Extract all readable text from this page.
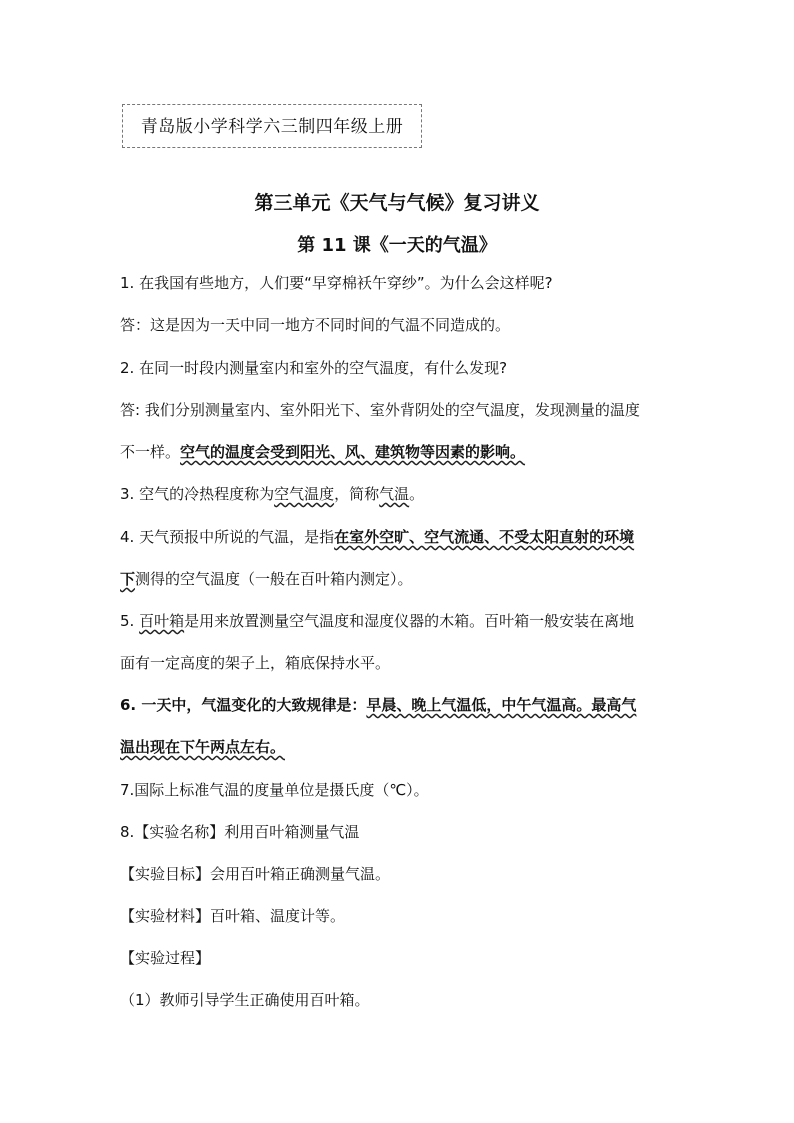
青岛版小学科学六三制四年级上册
第三单元《天气与气候》复习讲义
第 11 课《一天的气温》
1. 在我国有些地方，人们要“早穿棉袄午穿纱”。为什么会这样呢?
答：这是因为一天中同一地方不同时间的气温不同造成的。
2. 在同一时段内测量室内和室外的空气温度，有什么发现?
答: 我们分别测量室内、室外阳光下、室外背阴处的空气温度，发现测量的温度
不一样。空气的温度会受到阳光、风、建筑物等因素的影响。
3. 空气的冷热程度称为空气温度，简称气温。
4. 天气预报中所说的气温，是指在室外空旷、空气流通、不受太阳直射的环境
下测得的空气温度（一般在百叶箱内测定）。
5. 百叶箱是用来放置测量空气温度和湿度仪器的木箱。百叶箱一般安装在离地
面有一定高度的架子上，箱底保持水平。
6. 一天中，气温变化的大致规律是：早晨、晚上气温低，中午气温高。最高气
温出现在下午两点左右。
7.国际上标准气温的度量单位是摄氏度（℃）。
8.【实验名称】利用百叶箱测量气温
【实验目标】会用百叶箱正确测量气温。
【实验材料】百叶箱、温度计等。
【实验过程】
（1）教师引导学生正确使用百叶箱。
